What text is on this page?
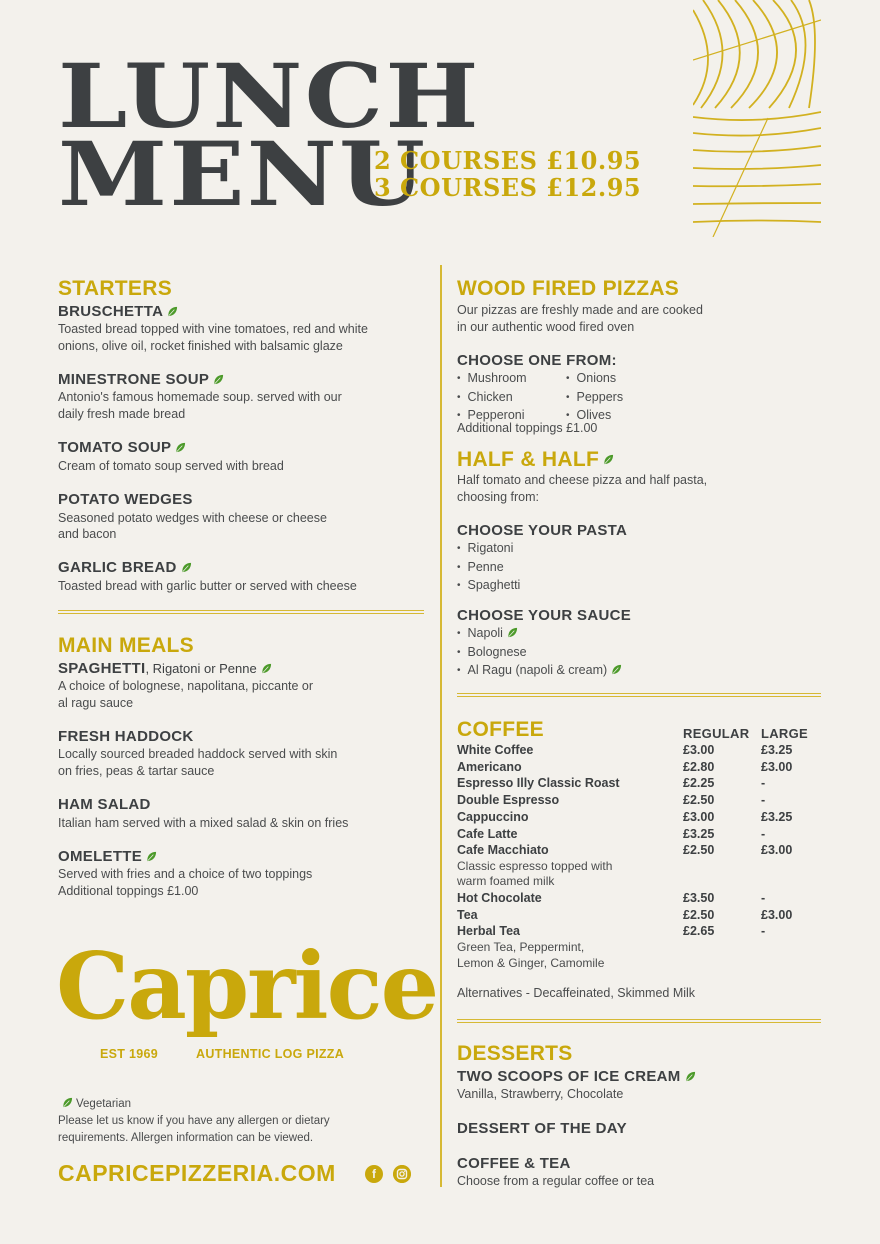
LUNCH
MENU
2 COURSES £10.95
3 COURSES £12.95
STARTERS
BRUSCHETTA
Toasted bread topped with vine tomatoes, red and white
onions, olive oil, rocket finished with balsamic glaze
MINESTRONE SOUP
Antonio's famous homemade soup. served with our
daily fresh made bread
TOMATO SOUP
Cream of tomato soup served with bread
POTATO WEDGES
Seasoned potato wedges with cheese or cheese
and bacon
GARLIC BREAD
Toasted bread with garlic butter or served with cheese
MAIN MEALS
SPAGHETTI, Rigatoni or Penne
A choice of bolognese, napolitana, piccante or
al ragu sauce
FRESH HADDOCK
Locally sourced breaded haddock served with skin
on fries, peas & tartar sauce
HAM SALAD
Italian ham served with a mixed salad & skin on fries
OMELETTE
Served with fries and a choice of two toppings
Additional toppings £1.00
Caprice
EST 1969	AUTHENTIC LOG PIZZA
Vegetarian
Please let us know if you have any allergen or dietary
requirements. Allergen information can be viewed.
CAPRICEPIZZERIA.COM	f
WOOD FIRED PIZZAS
Our pizzas are freshly made and are cooked
in our authentic wood fired oven
CHOOSE ONE FROM:
• Mushroom
• Chicken
• Pepperoni
• Onions
• Peppers
• Olives
Additional toppings £1.00
HALF & HALF
Half tomato and cheese pizza and half pasta,
choosing from:
CHOOSE YOUR PASTA
• Rigatoni
• Penne
• Spaghetti
CHOOSE YOUR SAUCE
• Napoli
• Bolognese
• Al Ragu (napoli & cream)
COFFEE	REGULAR LARGE
White Coffee	£3.00	£3.25
Americano	£2.80	£3.00
Espresso Illy Classic Roast	£2.25	-
Double Espresso	£2.50	-
Cappuccino	£3.00	£3.25
Cafe Latte	£3.25	-
Cafe Macchiato	£2.50	£3.00
Classic espresso topped with
warm foamed milk
Hot Chocolate	£3.50	-
Tea	£2.50	£3.00
Herbal Tea	£2.65	-
Green Tea, Peppermint,
Lemon & Ginger, Camomile
Alternatives - Decaffeinated, Skimmed Milk
DESSERTS
TWO SCOOPS OF ICE CREAM
Vanilla, Strawberry, Chocolate
DESSERT OF THE DAY
COFFEE & TEA
Choose from a regular coffee or tea
